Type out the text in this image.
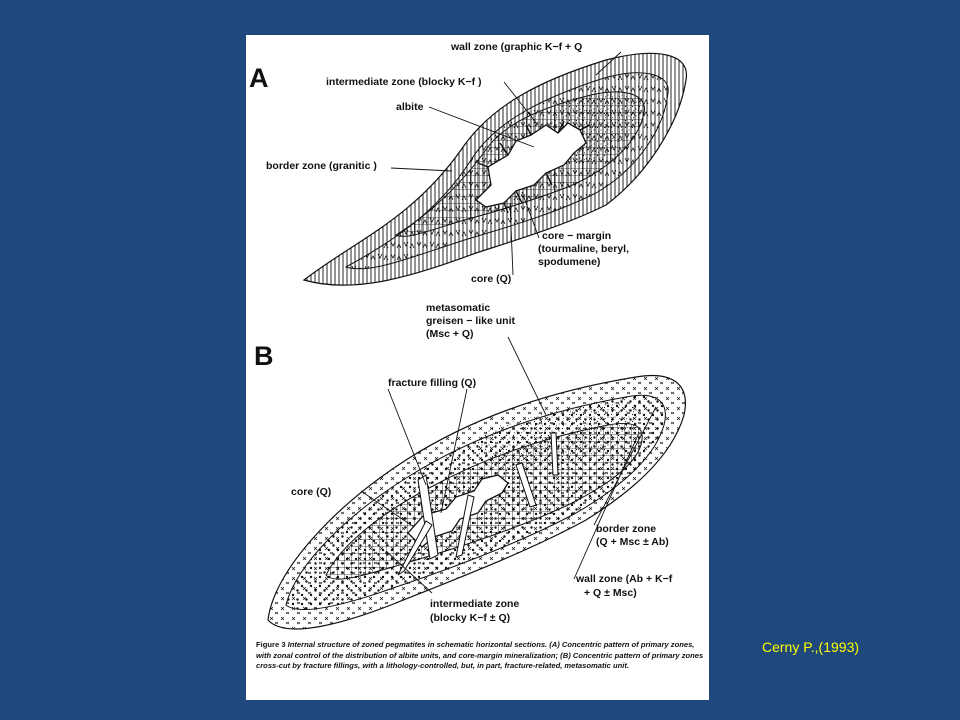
A
wall zone (graphic K−f + Q
intermediate zone (blocky K−f )
albite
border zone (granitic )
core − margin
(tourmaline, beryl,
spodumene)
core (Q)
B
metasomatic
greisen − like unit
(Msc + Q)
fracture filling (Q)
core (Q)
border zone
(Q + Msc ± Ab)
wall zone (Ab + K−f
+ Q ± Msc)
intermediate zone
(blocky K−f ± Q)

Figure 3 Internal structure of zoned pegmatites in schematic horizontal sections. (A) Concentric pattern of primary zones, with zonal control of the distribution of albite units, and core-margin mineralization; (B) Concentric pattern of primary zones cross-cut by fracture fillings, with a lithology-controlled, but, in part, fracture-related, metasomatic unit.

Cerny P.,(1993)
